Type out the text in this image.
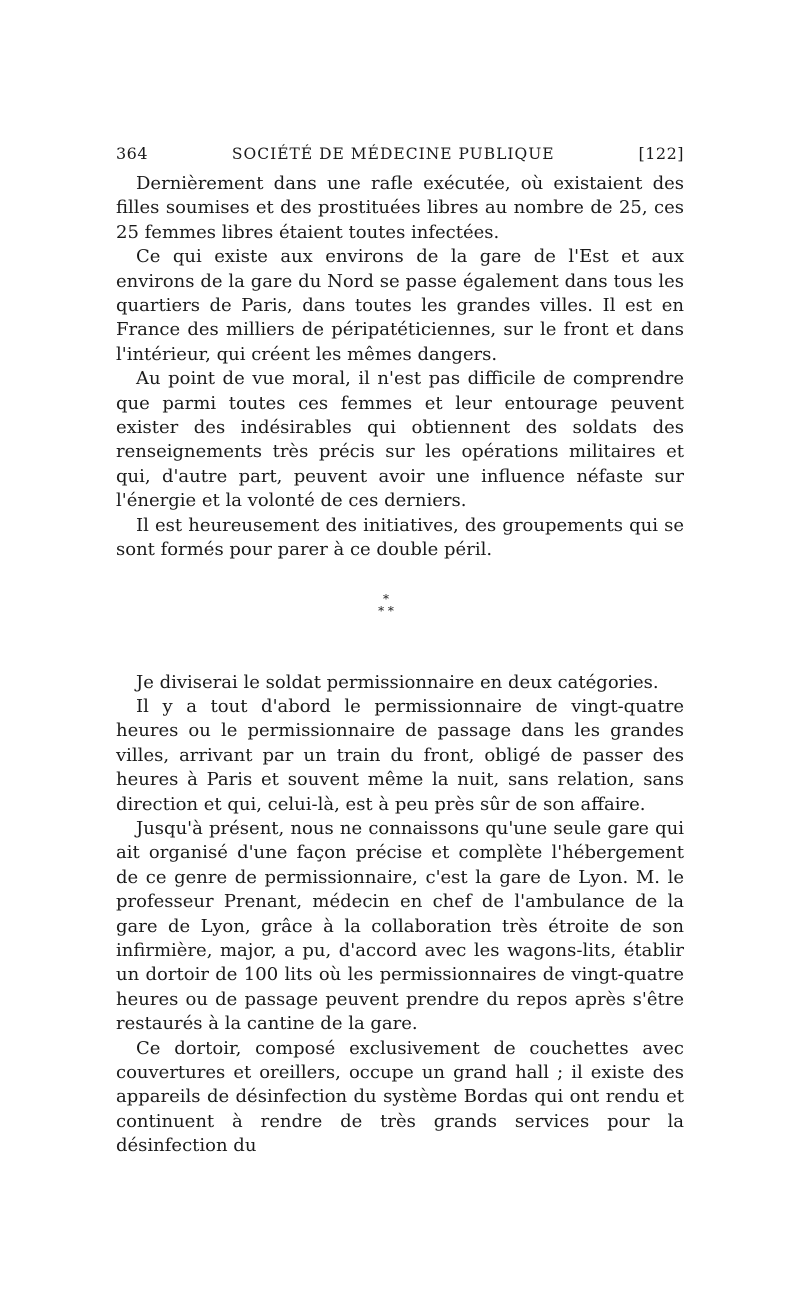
364	SOCIÉTÉ DE MÉDECINE PUBLIQUE	[122]

Dernièrement dans une rafle exécutée, où existaient des filles soumises et des prostituées libres au nombre de 25, ces 25 femmes libres étaient toutes infectées.

Ce qui existe aux environs de la gare de l'Est et aux environs de la gare du Nord se passe également dans tous les quartiers de Paris, dans toutes les grandes villes. Il est en France des milliers de péripatéticiennes, sur le front et dans l'intérieur, qui créent les mêmes dangers.

Au point de vue moral, il n'est pas difficile de comprendre que parmi toutes ces femmes et leur entourage peuvent exister des indésirables qui obtiennent des soldats des renseignements très précis sur les opérations militaires et qui, d'autre part, peuvent avoir une influence néfaste sur l'énergie et la volonté de ces derniers.

Il est heureusement des initiatives, des groupements qui se sont formés pour parer à ce double péril.

*
* *

Je diviserai le soldat permissionnaire en deux catégories.

Il y a tout d'abord le permissionnaire de vingt-quatre heures ou le permissionnaire de passage dans les grandes villes, arrivant par un train du front, obligé de passer des heures à Paris et souvent même la nuit, sans relation, sans direction et qui, celui-là, est à peu près sûr de son affaire.

Jusqu'à présent, nous ne connaissons qu'une seule gare qui ait organisé d'une façon précise et complète l'hébergement de ce genre de permissionnaire, c'est la gare de Lyon. M. le professeur Prenant, médecin en chef de l'ambulance de la gare de Lyon, grâce à la collaboration très étroite de son infirmière, major, a pu, d'accord avec les wagons-lits, établir un dortoir de 100 lits où les permissionnaires de vingt-quatre heures ou de passage peuvent prendre du repos après s'être restaurés à la cantine de la gare.

Ce dortoir, composé exclusivement de couchettes avec couvertures et oreillers, occupe un grand hall ; il existe des appareils de désinfection du système Bordas qui ont rendu et continuent à rendre de très grands services pour la désinfection du
